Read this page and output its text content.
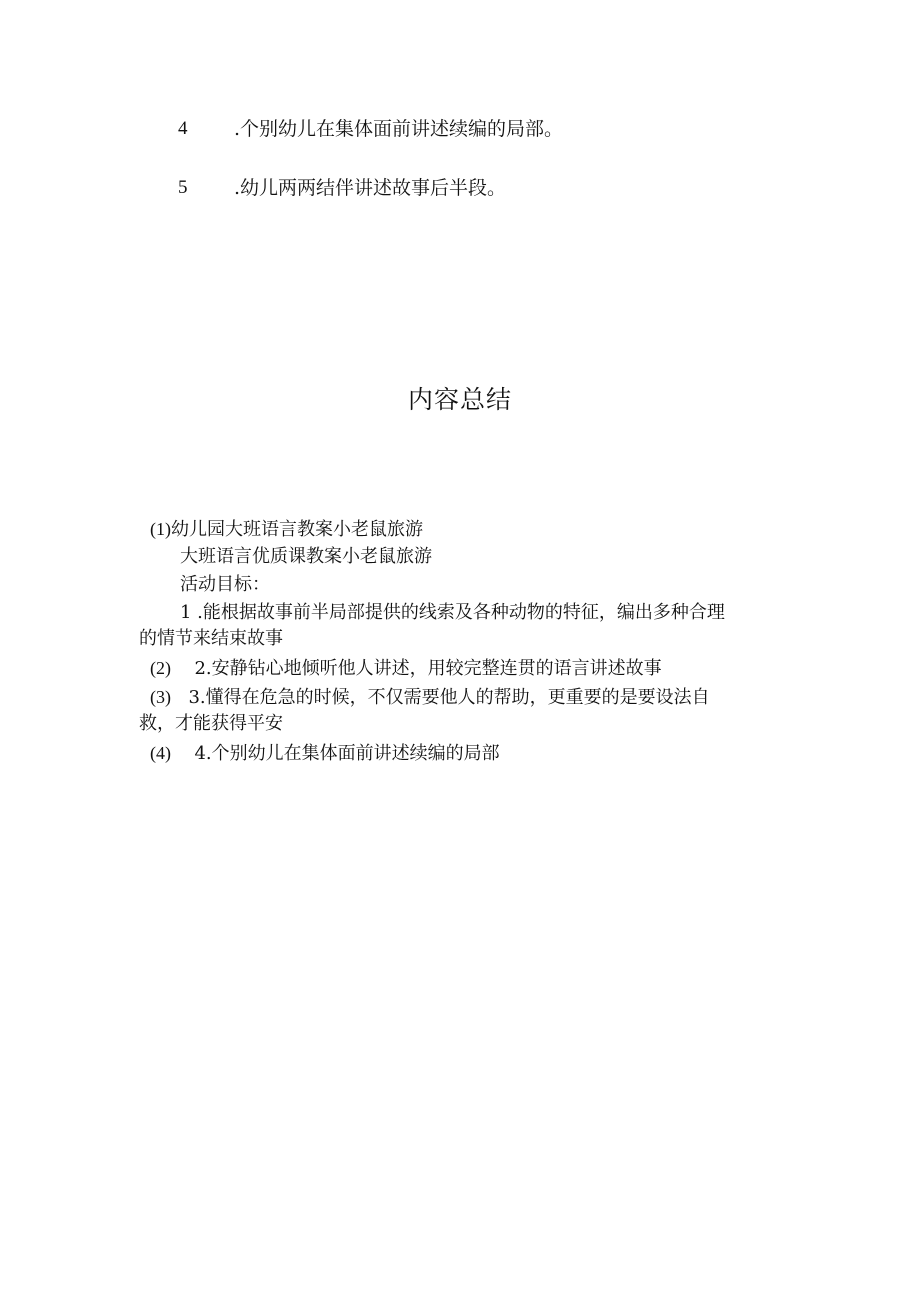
4 .个别幼儿在集体面前讲述续编的局部。
5 .幼儿两两结伴讲述故事后半段。
内容总结
(1)幼儿园大班语言教案小老鼠旅游
大班语言优质课教案小老鼠旅游
活动目标：
1 .能根据故事前半局部提供的线索及各种动物的特征，编出多种合理
的情节来结束故事
(2) 2.安静钻心地倾听他人讲述，用较完整连贯的语言讲述故事
(3) 3.懂得在危急的时候，不仅需要他人的帮助，更重要的是要设法自
救，才能获得平安
(4) 4.个别幼儿在集体面前讲述续编的局部
